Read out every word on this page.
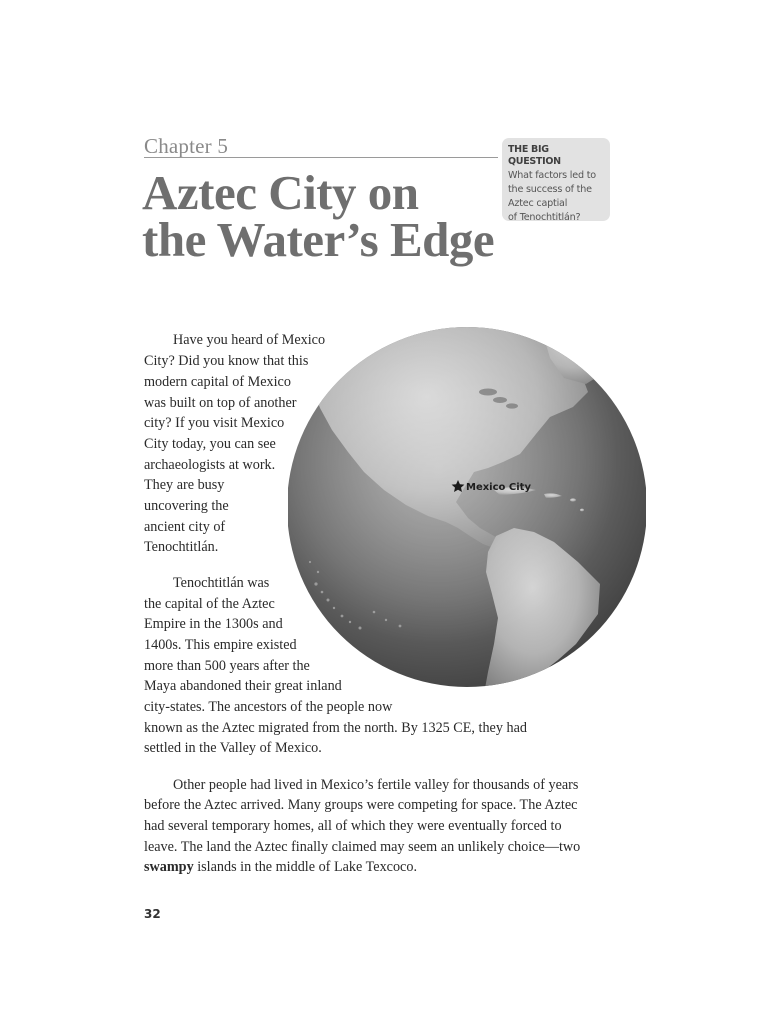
Chapter 5
Aztec City on
the Water’s Edge
THE BIG QUESTION
What factors led to
the success of the
Aztec captial
of Tenochtitlán?
Mexico City
Have you heard of Mexico
City? Did you know that this
modern capital of Mexico
was built on top of another
city? If you visit Mexico
City today, you can see
archaeologists at work.
They are busy
uncovering the
ancient city of
Tenochtitlán.
Tenochtitlán was
the capital of the Aztec
Empire in the 1300s and
1400s. This empire existed
more than 500 years after the
Maya abandoned their great inland
city-states. The ancestors of the people now
known as the Aztec migrated from the north. By 1325 CE, they had
settled in the Valley of Mexico.
Other people had lived in Mexico’s fertile valley for thousands of years
before the Aztec arrived. Many groups were competing for space. The Aztec
had several temporary homes, all of which they were eventually forced to
leave. The land the Aztec finally claimed may seem an unlikely choice—two
swampy islands in the middle of Lake Texcoco.
32
